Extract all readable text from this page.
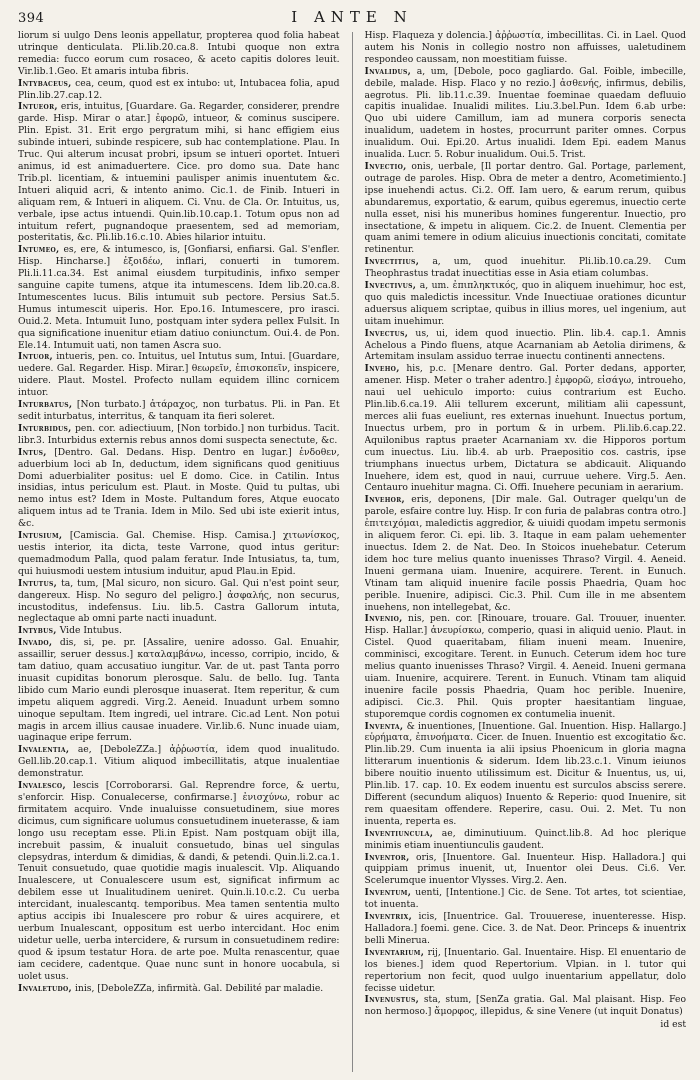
394	I ANTE N

liorum si uulgo Dens leonis appellatur, propterea quod folia habeat utrinque denticulata. Pli.lib.20.ca.8. Intubi quoque non extra remedia: fucco eorum cum rosaceo, & aceto capitis dolores leuit. Vir.lib.1.Geo. Et amaris intuba fibris.

Intybaceus, cea, ceum, quod est ex intubo: ut, Intubacea folia, apud Plin.lib.27.cap.12.

Intueor, eris, intuitus, [Guardare. Ga. Regarder, considerer, prendre garde. Hisp. Mirar o atar.] ἐφορῶ, intueor, & cominus suscipere. Plin. Epist. 31. Erit ergo pergratum mihi, si hanc effigiem eius subinde intueri, subinde respicere, sub hac contemplatione. Plau. In Truc. Qui alterum incusat probri, ipsum se intueri oportet. Intueri animus, id est animaduertere. Cice. pro domo sua. Date hanc Trib.pl. licentiam, & intuemini paulisper animis inuentutem &c. Intueri aliquid acri, & intento animo. Cic.1. de Finib. Intueri in aliquam rem, & Intueri in aliquem. Ci. Vnu. de Cla. Or. Intuitus, us, verbale, ipse actus intuendi. Quin.lib.10.cap.1. Totum opus non ad intuitum refert, pugnandoque praesentem, sed ad memoriam, posteritatis, &c. Pli.lib.16.c.10. Abies hilarior intuitu.

Intumeo, es, ere, & intumesco, is, [Gonfiarsi, enfiarsi. Gal. S'enfler. Hisp. Hincharse.] ἐξοιδέω, inflari, conuerti in tumorem. Pli.li.11.ca.34. Est animal eiusdem turpitudinis, infixo semper sanguine capite tumens, atque ita intumescens. Idem lib.20.ca.8. Intumescentes lucus. Bilis intumuit sub pectore. Persius Sat.5. Humus intumescit uiperis. Hor. Epo.16. Intumescere, pro irasci. Ouid.2. Meta. Intumuit Iuno, postquam inter sydera pellex Fulsit. In qua significatione inuenitur etiam datiuo coniunctum. Oui.4. de Pon. Ele.14. Intumuit uati, non tamen Ascra suo.

Intuor, intueris, pen. co. Intuitus, uel Intutus sum, Intui. [Guardare, uedere. Gal. Regarder. Hisp. Mirar.] θεωρεῖν, ἐπισκοπεῖν, inspicere, uidere. Plaut. Mostel. Profecto nullam equidem illinc cornicem intuor.

Inturbatus, [Non turbato.] ἀτάραχος, non turbatus. Pli. in Pan. Et sedit inturbatus, interritus, & tanquam ita fieri soleret.

Inturbidus, pen. cor. adiectiuum, [Non torbido.] non turbidus. Tacit. libr.3. Inturbidus externis rebus annos domi suspecta senectute, &c.

Intus, [Dentro. Gal. Dedans. Hisp. Dentro en lugar.] ἐνδοθεν, aduerbium loci ab In, deductum, idem significans quod genitiuus Domi aduerbialiter positus: uel E domo. Cice. in Catilin. Intus insidias, intus periculum est. Plaut. in Moste. Quid tu pultas, ubi nemo intus est? Idem in Moste. Pultandum fores, Atque euocato aliquem intus ad te Trania. Idem in Milo. Sed ubi iste exierit intus, &c.

Intusium, [Camiscia. Gal. Chemise. Hisp. Camisa.] χιτωνίσκος, uestis interior, ita dicta, teste Varrone, quod intus geritur: quemadmodum Palla, quod palam feratur. Inde Intusiatus, ta, tum, qui huiusmodi uestem intusium induitur, apud Plau.in Epid.

Intutus, ta, tum, [Mal sicuro, non sicuro. Gal. Qui n'est point seur, dangereux. Hisp. No seguro del peligro.] ἀσφαλής, non securus, incustoditus, indefensus. Liu. lib.5. Castra Gallorum intuta, neglectaque ab omni parte nacti inuadunt.

Intybus, Vide Intubus.

Invado, dis, si, pe. pr. [Assalire, uenire adosso. Gal. Enuahir, assaillir, seruer dessus.] καταλαμβάνω, incesso, corripio, incido, & tam datiuo, quam accusatiuo iungitur. Var. de ut. past Tanta porro inuasit cupiditas bonorum plerosque. Salu. de bello. Iug. Tanta libido cum Mario eundi plerosque inuaserat. Item reperitur, & cum impetu aliquem aggredi. Virg.2. Aeneid. Inuadunt urbem somno uinoque sepultam. Item ingredi, uel intrare. Cic.ad Lent. Non potui magis in arcem illius causae inuadere. Vir.lib.6. Nunc inuade uiam, uaginaque eripe ferrum.

Invalentia, ae, [DeboleZZa.] ἀῤῥωστία, idem quod inualitudo. Gell.lib.20.cap.1. Vitium aliquod imbecillitatis, atque inualentiae demonstratur.

Invalesco, lescis [Corroborarsi. Gal. Reprendre force, & uertu, s'enforcir. Hisp. Conualecerse, confirmarse.] ἐνισχύνω, robur ac firmitatem acquiro. Vnde inualuisse consuetudinem, siue mores dicimus, cum significare uolumus consuetudinem inueterasse, & iam longo usu receptam esse. Pli.in Epist. Nam postquam obijt illa, increbuit passim, & inualuit consuetudo, binas uel singulas clepsydras, interdum & dimidias, & dandi, & petendi. Quin.li.2.ca.1. Tenuit consuetudo, quae quotidie magis inualescit. Vlp. Aliquando Inualescere, ut Conualescere usum est, significat infirmum ac debilem esse ut Inualitudinem ueniret. Quin.li.10.c.2. Cu uerba intercidant, inualescantq. temporibus. Mea tamen sententia multo aptius accipis ibi Inualescere pro robur & uires acquirere, et uerbum Inualescant, oppositum est uerbo intercidant. Hoc enim uidetur uelle, uerba intercidere, & rursum in consuetudinem redire: quod & ipsum testatur Hora. de arte poe. Multa renascentur, quae iam cecidere, cadentque. Quae nunc sunt in honore uocabula, si uolet usus.

Invaletudo, inis, [DeboleZZa, infirmità. Gal. Debilité par maladie.

Hisp. Flaqueza y dolencia.] ἀῤῥωστία, imbecillitas. Ci. in Lael. Quod autem his Nonis in collegio nostro non affuisses, ualetudinem respondeo caussam, non moestitiam fuisse.

Invalidus, a, um, [Debole, poco gagliardo. Gal. Foible, imbecille, debile, malade. Hisp. Flaco y no rezio.] ἀσθενής, infirmus, debilis, aegrotus. Pli. lib.11.c.39. Inuentae foeminae quaedam defluuio capitis inualidae. Inualidi milites. Liu.3.bel.Pun. Idem 6.ab urbe: Quo ubi uidere Camillum, iam ad munera corporis senecta inualidum, uadetem in hostes, procurrunt pariter omnes. Corpus inualidum. Oui. Epi.20. Artus inualidi. Idem Epi. eadem Manus inualida. Lucr. 5. Robur inualidum. Oui.5. Trist.

Invectio, onis, uerbale, [Il portar dentro. Gal. Portage, parlement, outrage de paroles. Hisp. Obra de meter a dentro, Acometimiento.] ipse inuehendi actus. Ci.2. Off. Iam uero, & earum rerum, quibus abundaremus, exportatio, & earum, quibus egeremus, inuectio certe nulla esset, nisi his muneribus homines fungerentur. Inuectio, pro insectatione, & impetu in aliquem. Cic.2. de Inuent. Clementia per quam animi temere in odium alicuius inuectionis concitati, comitate retinentur.

Invectitius, a, um, quod inuehitur. Pli.lib.10.ca.29. Cum Theophrastus tradat inuectitias esse in Asia etiam columbas.

Invectivus, a, um. ἐπιπληκτικός, quo in aliquem inuehimur, hoc est, quo quis maledictis incessitur. Vnde Inuectiuae orationes dicuntur aduersus aliquem scriptae, quibus in illius mores, uel ingenium, aut uitam inuehimur.

Invectus, us, ui, idem quod inuectio. Plin. lib.4. cap.1. Amnis Achelous a Pindo fluens, atque Acarnaniam ab Aetolia dirimens, & Artemitam insulam assiduo terrae inuectu continenti annectens.

Inveho, his, p.c. [Menare dentro. Gal. Porter dedans, apporter, amener. Hisp. Meter o traher adentro.] ἐμφορῶ, εἰσάγω, introueho, naui uel uehiculo importo: cuius contrarium est Eucho. Plin.lib.6.ca.19. Alii tellurem excerunt, militiam alii capessunt, merces alii fuas eueliunt, res externas inuehunt. Inuectus portum, Inuectus urbem, pro in portum & in urbem. Pli.lib.6.cap.22. Aquilonibus raptus praeter Acarnaniam xv. die Hipporos portum cum inuectus. Liu. lib.4. ab urb. Praepositio cos. castris, ipse triumphans inuectus urbem, Dictatura se abdicauit. Aliquando Inuehere, idem est, quod in naui, curruue uehere. Virg.5. Aen. Centauro inuehitur magna. Ci. Offi. Inuehere pecuniam in aerarium.

Invehor, eris, deponens, [Dir male. Gal. Outrager quelqu'un de parole, esfaire contre luy. Hisp. Ir con furia de palabras contra otro.] ἐπιτειχόμαι, maledictis aggredior, & uiuidi quodam impetu sermonis in aliquem feror. Ci. epi. lib. 3. Itaque in eam palam uehementer inuectus. Idem 2. de Nat. Deo. In Stoicos inuehebatur. Ceterum idem hoc ture melius quanto inuenisses Thraso? Virgil. 4. Aeneid. Inueni germana uiam. Inuenire, acquirere. Terent. in Eunuch. Vtinam tam aliquid inuenire facile possis Phaedria, Quam hoc perible. Inuenire, adipisci. Cic.3. Phil. Cum ille in me absentem inuehens, non intellegebat, &c.

Invenio, nis, pen. cor. [Rinouare, trouare. Gal. Trouuer, inuenter. Hisp. Hallar.] ἀνευρίσκω, comperio, quasi in aliquid uenio. Plaut. in Cistel. Quod quaeritabam, filiam inueni meam. Inuenire, comminisci, excogitare. Terent. in Eunuch. Ceterum idem hoc ture melius quanto inuenisses Thraso? Virgil. 4. Aeneid. Inueni germana uiam. Inuenire, acquirere. Terent. in Eunuch. Vtinam tam aliquid inuenire facile possis Phaedria, Quam hoc perible. Inuenire, adipisci. Cic.3. Phil. Quis propter haesitantiam linguae, stuporemque cordis cognomen ex contumelia inuenit.

Inventa, & inuentiones, [Inuentione. Gal. Inuention. Hisp. Hallargo.] εὑρήματα, ἐπινοήματα. Cicer. de Inuen. Inuentio est excogitatio &c. Plin.lib.29. Cum inuenta ia alii ipsius Phoenicum in gloria magna litterarum inuentionis & siderum. Idem lib.23.c.1. Vinum ieiunos bibere nouitio inuento utilissimum est. Dicitur & Inuentus, us, ui, Plin.lib. 17. cap. 10. Ex eodem inuentu est surculos absciss serere. Different (secundum aliquos) Inuento & Reperio: quod Inuenire, sit rem quaesitam offendere. Reperire, casu. Oui. 2. Met. Tu non inuenta, reperta es.

Inventiuncula, ae, diminutiuum. Quinct.lib.8. Ad hoc plerique minimis etiam inuentiunculis gaudent.

Inventor, oris, [Inuentore. Gal. Inuenteur. Hisp. Halladora.] qui quippiam primus inuenit, ut, Inuentor olei Deus. Ci.6. Ver. Scelerumque inuentor Vlysses. Virg.2. Aen.

Inventum, uenti, [Intentione.] Cic. de Sene. Tot artes, tot scientiae, tot inuenta.

Inventrix, icis, [Inuentrice. Gal. Trouuerese, inuenteresse. Hisp. Halladora.] foemi. gene. Cice. 3. de Nat. Deor. Princeps & inuentrix belli Minerua.

Inventarium, rij, [Inuentario. Gal. Inuentaire. Hisp. El enuentario de los bienes.] idem quod Repertorium. Vlpian. in l. tutor qui repertorium non fecit, quod uulgo inuentarium appellatur, dolo fecisse uidetur.

Invenustus, sta, stum, [SenZa gratia. Gal. Mal plaisant. Hisp. Feo non hermoso.] ἄμορφος, illepidus, & sine Venere (ut inquit Donatus)

id est
